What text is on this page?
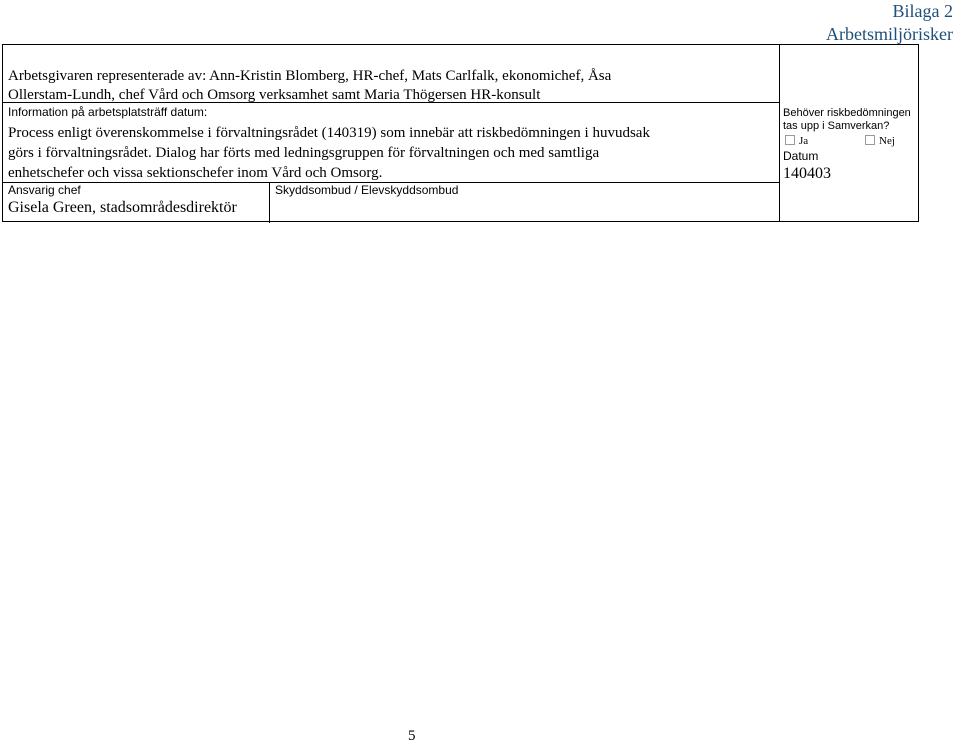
Bilaga 2
Arbetsmiljörisker
Arbetsgivaren representerade av: Ann-Kristin Blomberg, HR-chef, Mats Carlfalk, ekonomichef, Åsa
Ollerstam-Lundh, chef Vård och Omsorg verksamhet samt Maria Thögersen HR-konsult
Information på arbetsplatsträff datum:
Process enligt överenskommelse i förvaltningsrådet (140319) som innebär att riskbedömningen i huvudsak
görs i förvaltningsrådet. Dialog har förts med ledningsgruppen för förvaltningen och med samtliga
enhetschefer och vissa sektionschefer inom Vård och Omsorg.
Ansvarig chef
Gisela Green, stadsområdesdirektör
Skyddsombud / Elevskyddsombud
Behöver riskbedömningen
tas upp i Samverkan?
Ja	Nej
Datum
140403
5
